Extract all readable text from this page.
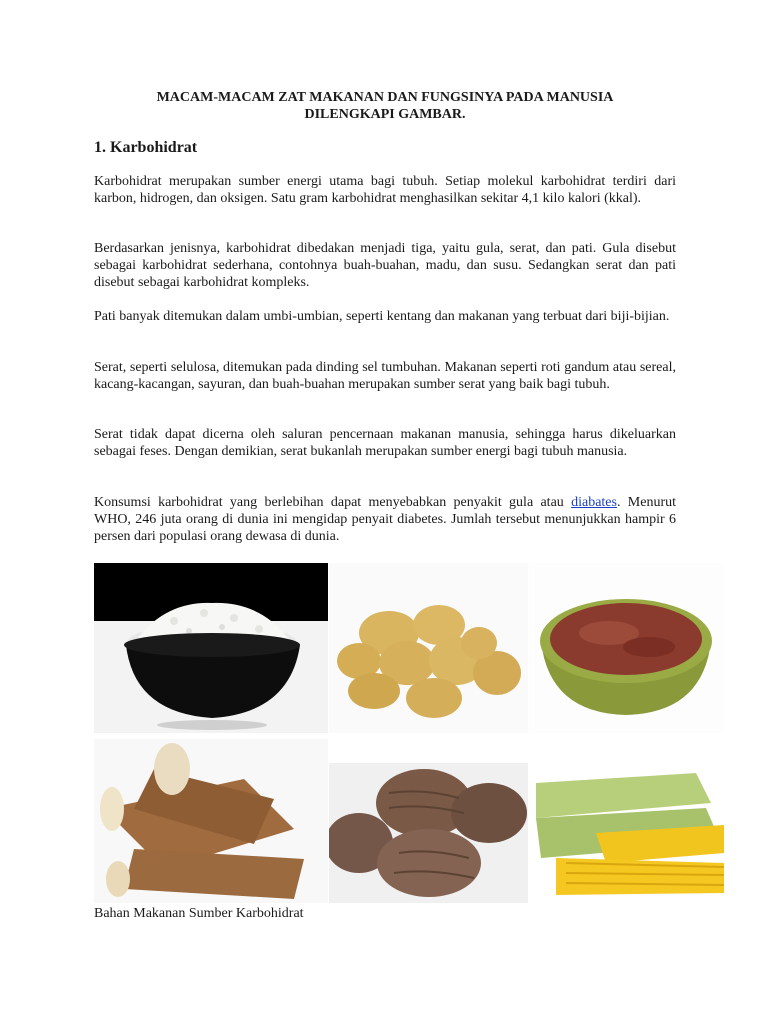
MACAM-MACAM ZAT MAKANAN DAN FUNGSINYA PADA MANUSIA
DILENGKAPI GAMBAR.
1. Karbohidrat

Karbohidrat merupakan sumber energi utama bagi tubuh. Setiap molekul karbohidrat terdiri dari karbon, hidrogen, dan oksigen. Satu gram karbohidrat menghasilkan sekitar 4,1 kilo kalori (kkal).

Berdasarkan jenisnya, karbohidrat dibedakan menjadi tiga, yaitu gula, serat, dan pati. Gula disebut sebagai karbohidrat sederhana, contohnya buah-buahan, madu, dan susu. Sedangkan serat dan pati disebut sebagai karbohidrat kompleks.

Pati banyak ditemukan dalam umbi-umbian, seperti kentang dan makanan yang terbuat dari biji-bijian.

Serat, seperti selulosa, ditemukan pada dinding sel tumbuhan. Makanan seperti roti gandum atau sereal, kacang-kacangan, sayuran, dan buah-buahan merupakan sumber serat yang baik bagi tubuh.

Serat tidak dapat dicerna oleh saluran pencernaan makanan manusia, sehingga harus dikeluarkan sebagai feses. Dengan demikian, serat bukanlah merupakan sumber energi bagi tubuh manusia.

Konsumsi karbohidrat yang berlebihan dapat menyebabkan penyakit gula atau diabates. Menurut WHO, 246 juta orang di dunia ini mengidap penyait diabetes. Jumlah tersebut menunjukkan hampir 6 persen dari populasi orang dewasa di dunia.

Bahan Makanan Sumber Karbohidrat
